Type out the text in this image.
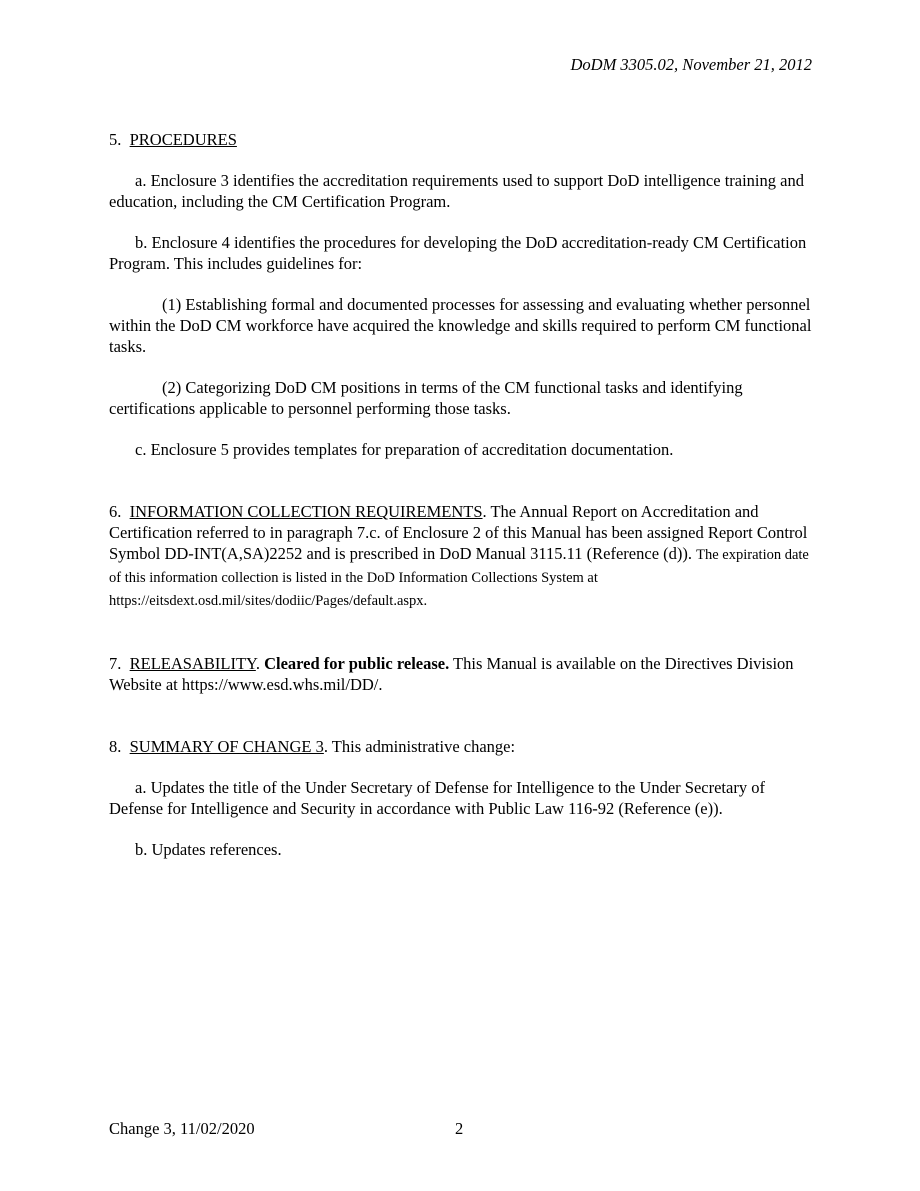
DoDM 3305.02, November 21, 2012

5. PROCEDURES

a. Enclosure 3 identifies the accreditation requirements used to support DoD intelligence training and education, including the CM Certification Program.

b. Enclosure 4 identifies the procedures for developing the DoD accreditation-ready CM Certification Program. This includes guidelines for:

(1) Establishing formal and documented processes for assessing and evaluating whether personnel within the DoD CM workforce have acquired the knowledge and skills required to perform CM functional tasks.

(2) Categorizing DoD CM positions in terms of the CM functional tasks and identifying certifications applicable to personnel performing those tasks.

c. Enclosure 5 provides templates for preparation of accreditation documentation.

6. INFORMATION COLLECTION REQUIREMENTS. The Annual Report on Accreditation and Certification referred to in paragraph 7.c. of Enclosure 2 of this Manual has been assigned Report Control Symbol DD-INT(A,SA)2252 and is prescribed in DoD Manual 3115.11 (Reference (d)). The expiration date of this information collection is listed in the DoD Information Collections System at https://eitsdext.osd.mil/sites/dodiic/Pages/default.aspx.

7. RELEASABILITY. Cleared for public release. This Manual is available on the Directives Division Website at https://www.esd.whs.mil/DD/.

8. SUMMARY OF CHANGE 3. This administrative change:

a. Updates the title of the Under Secretary of Defense for Intelligence to the Under Secretary of Defense for Intelligence and Security in accordance with Public Law 116-92 (Reference (e)).

b. Updates references.

Change 3, 11/02/2020	2
